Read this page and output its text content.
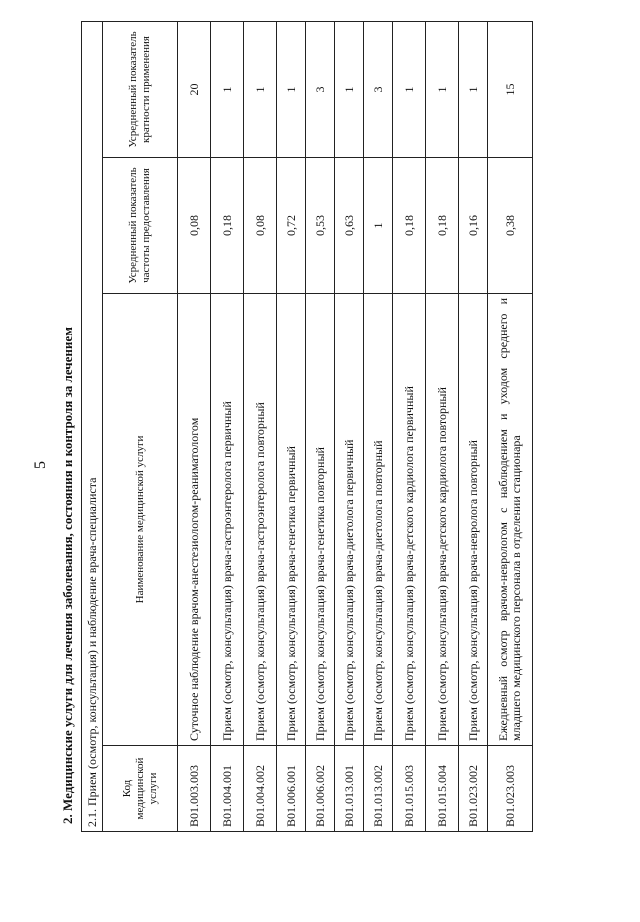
5 2. Медицинские услуги для лечения заболевания, состояния и контроля за лечением 2.1. Прием (осмотр, консультация) и наблюдение врача-специалиста			
Код медицинской услуги	Наименование медицинской услуги	Усредненный показатель частоты предоставления	Усредненный показатель кратности применения
B01.003.003	Суточное наблюдение врачом-анестезиологом-реаниматологом	0,08	20
B01.004.001	Прием (осмотр, консультация) врача-гастроэнтеролога первичный	0,18	1
B01.004.002	Прием (осмотр, консультация) врача-гастроэнтеролога повторный	0,08	1
B01.006.001	Прием (осмотр, консультация) врача-генетика первичный	0,72	1
B01.006.002	Прием (осмотр, консультация) врача-генетика повторный	0,53	3
B01.013.001	Прием (осмотр, консультация) врача-диетолога первичный	0,63	1
B01.013.002	Прием (осмотр, консультация) врача-диетолога повторный	1	3
B01.015.003	Прием (осмотр, консультация) врача-детского кардиолога первичный	0,18	1
B01.015.004	Прием (осмотр, консультация) врача-детского кардиолога повторный	0,18	1
B01.023.002	Прием (осмотр, консультация) врача-невролога повторный	0,16	1
B01.023.003	Ежедневный осмотр врачом-неврологом с наблюдением и уходом среднего и младшего медицинского персонала в отделении стационара	0,38	15
